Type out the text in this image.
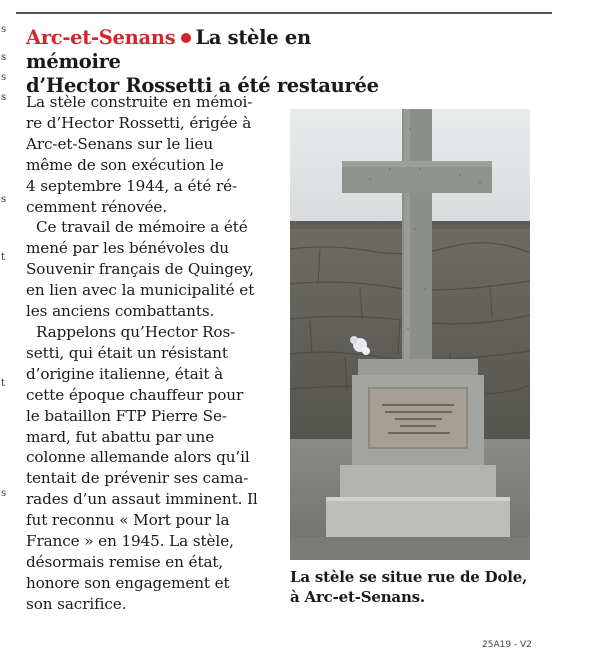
s
s
s
s
s
t
t
s
Arc-et-Senans La stèle en mémoire
d’Hector Rossetti a été restaurée

La stèle construite en mémoi-
re d’Hector Rossetti, érigée à
Arc-et-Senans sur le lieu
même de son exécution le
4 septembre 1944, a été ré-
cemment rénovée.

Ce travail de mémoire a été
mené par les bénévoles du
Souvenir français de Quingey,
en lien avec la municipalité et
les anciens combattants.

Rappelons qu’Hector Ros-
setti, qui était un résistant
d’origine italienne, était à
cette époque chauffeur pour
le bataillon FTP Pierre Se-
mard, fut abattu par une
colonne allemande alors qu’il
tentait de prévenir ses cama-
rades d’un assaut imminent. Il
fut reconnu « Mort pour la
France » en 1945. La stèle,
désormais remise en état,
honore son engagement et
son sacrifice.

La stèle se situe rue de Dole,
à Arc-et-Senans.
25A19 - V2
